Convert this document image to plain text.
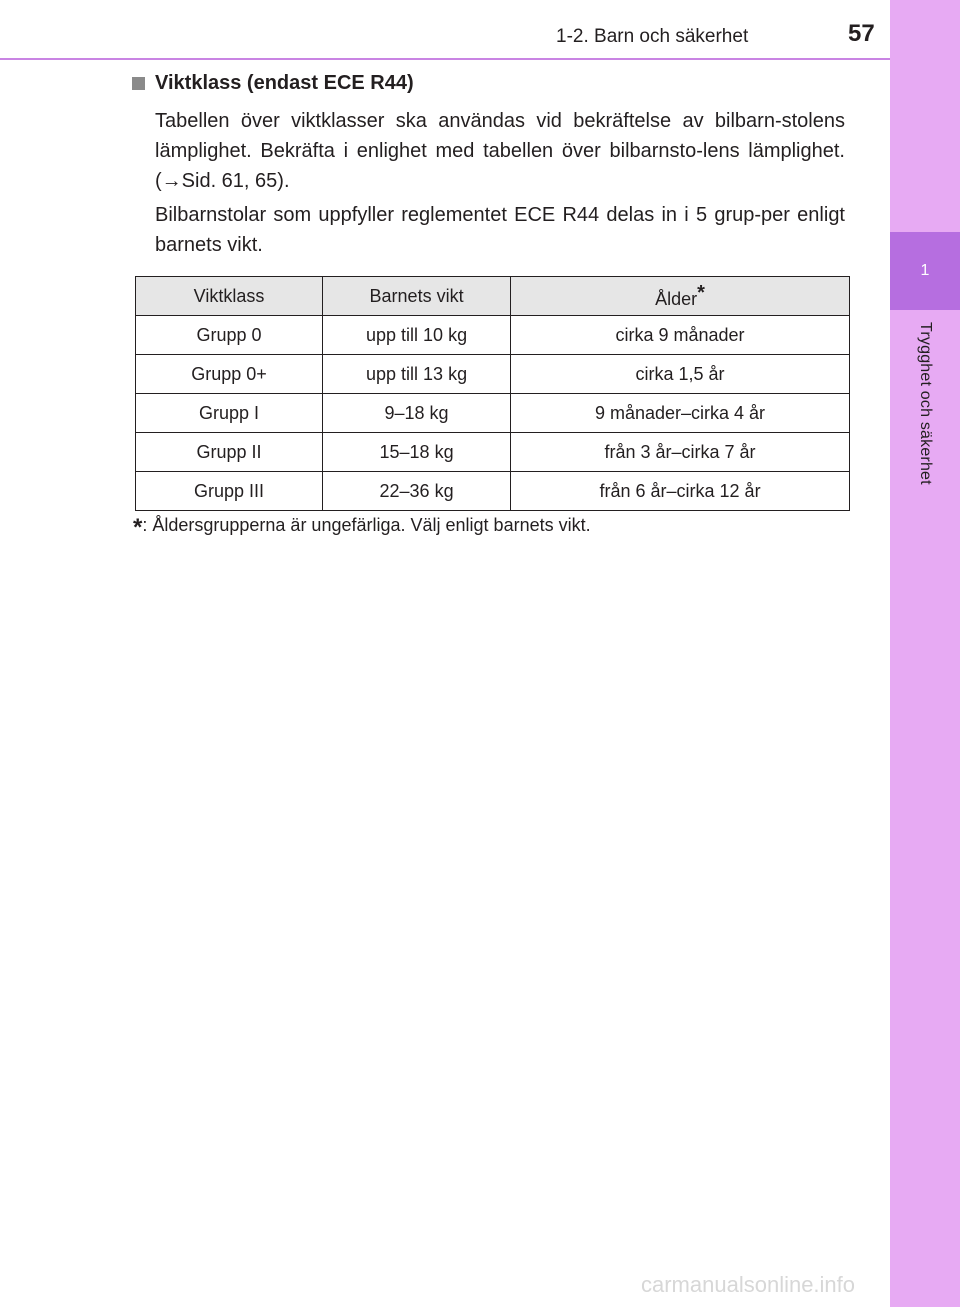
1
Trygghet och säkerhet
1-2. Barn och säkerhet	57
Viktklass (endast ECE R44)
Tabellen över viktklasser ska användas vid bekräftelse av bilbarn-stolens lämplighet. Bekräfta i enlighet med tabellen över bilbarnsto-lens lämplighet. (→Sid. 61, 65).
Bilbarnstolar som uppfyller reglementet ECE R44 delas in i 5 grup-per enligt barnets vikt.
Viktklass	Barnets vikt	Ålder*
Grupp 0	upp till 10 kg	cirka 9 månader
Grupp 0+	upp till 13 kg	cirka 1,5 år
Grupp I	9–18 kg	9 månader–cirka 4 år
Grupp II	15–18 kg	från 3 år–cirka 7 år
Grupp III	22–36 kg	från 6 år–cirka 12 år
*: Åldersgrupperna är ungefärliga. Välj enligt barnets vikt.
carmanualsonline.info
